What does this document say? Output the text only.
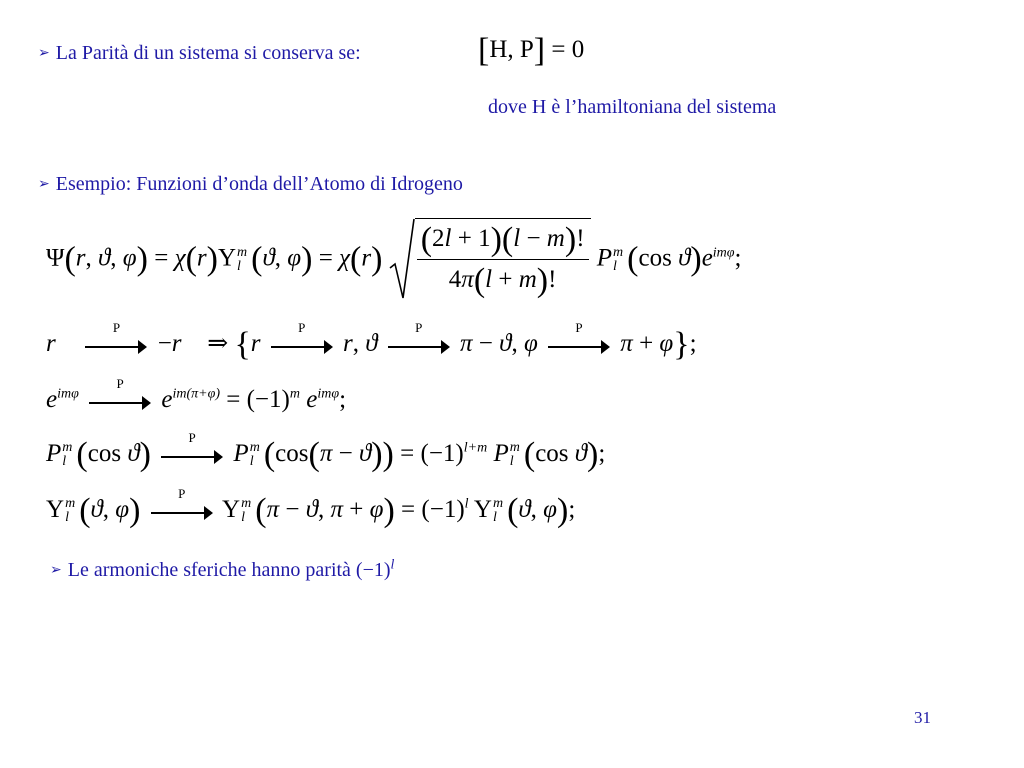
➢ La Parità di un sistema si conserva se:	[H, P] = 0
dove H è l’hamiltoniana del sistema
➢ Esempio: Funzioni d’onda dell’Atomo di Idrogeno
Ψ(r, ϑ, φ) = χ(r)Y m
l (ϑ, $\varphi) = \chi(r) \frac{(2l + 1)(l - m)!}{4\pi(l + m)!}$ P m
l (cos $ϑ)e^{im\varphi}$;
r⃗
P
−r⃗ ⇒ {r
P
r, ϑ
P
π − ϑ, φ
P
π + φ};
$e^{im\varphi}$
P
$e^{im(\pi+\varphi)} = (-1)^m$ $e^{im\varphi}$;
P m
l (cos ϑ)	P
P m
l $(\cos(\pi - ϑ)) = (-1)^{l+m}$ P m
l (cos ϑ);
Y m
l (ϑ, φ)	P
Y m
l (π − ϑ, $\pi + \varphi) = (-1)^l$ Y m
l (ϑ, φ);
➢ Le armoniche sferiche hanno parità $(-1)^l$
31
